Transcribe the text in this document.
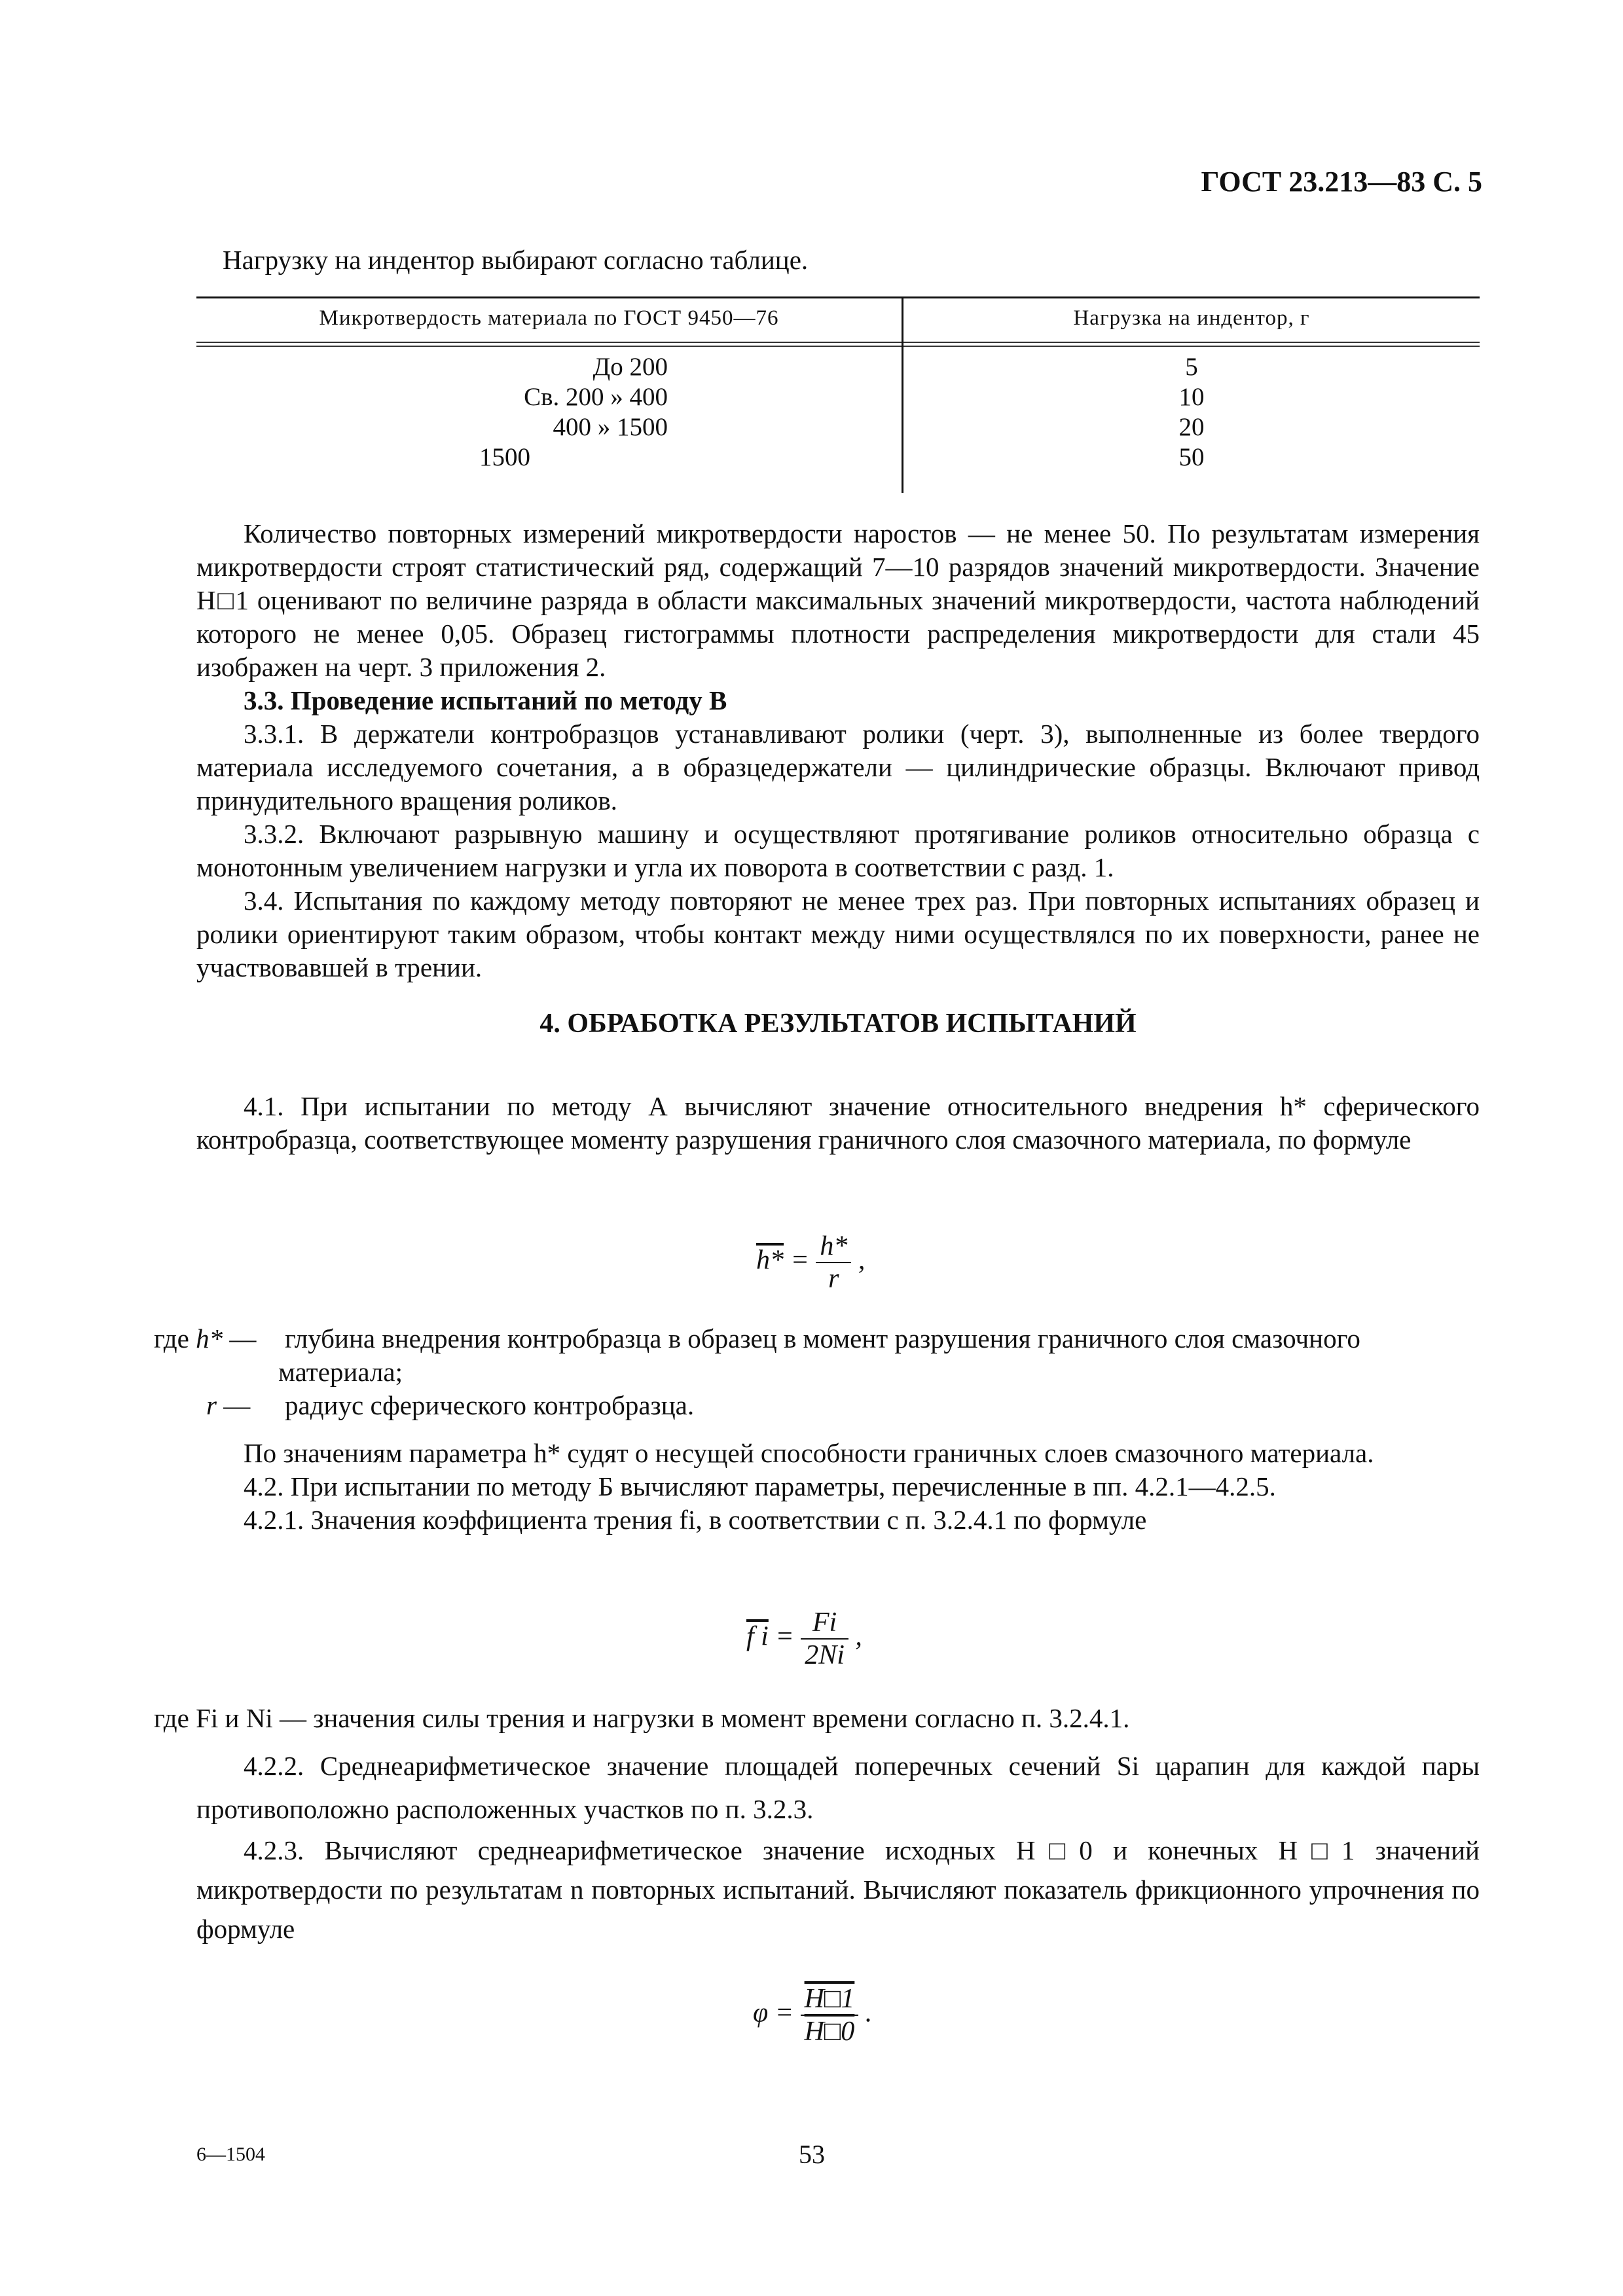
ГОСТ 23.213—83 С. 5
Нагрузку на индентор выбирают согласно таблице.
Микротвердость материала по ГОСТ 9450—76	Нагрузка на индентор, г
До 200	5
Св. 200 » 400	10
400 » 1500	20
1500	50

Количество повторных измерений микротвердости наростов — не менее 50. По результатам измерения микротвердости строят статистический ряд, содержащий 7—10 разрядов значений микротвердости. Значение H□1 оценивают по величине разряда в области максимальных значений микротвердости, частота наблюдений которого не менее 0,05. Образец гистограммы плотности распределения микротвердости для стали 45 изображен на черт. 3 приложения 2.

3.3. Проведение испытаний по методу В

3.3.1. В держатели контробразцов устанавливают ролики (черт. 3), выполненные из более твердого материала исследуемого сочетания, а в образцедержатели — цилиндрические образцы. Включают привод принудительного вращения роликов.

3.3.2. Включают разрывную машину и осуществляют протягивание роликов относительно образца с монотонным увеличением нагрузки и угла их поворота в соответствии с разд. 1.

3.4. Испытания по каждому методу повторяют не менее трех раз. При повторных испытаниях образец и ролики ориентируют таким образом, чтобы контакт между ними осуществлялся по их поверхности, ранее не участвовавшей в трении.

4. ОБРАБОТКА РЕЗУЛЬТАТОВ ИСПЫТАНИЙ

4.1. При испытании по методу А вычисляют значение относительного внедрения h* сферического контробразца, соответствующее моменту разрушения граничного слоя смазочного материала, по формуле

$h* = \frac{h*}{r}$ ,
где h* — глубина внедрения контробразца в образец в момент разрушения граничного слоя смазочного материала;
r — радиус сферического контробразца.

По значениям параметра h* судят о несущей способности граничных слоев смазочного материала.

4.2. При испытании по методу Б вычисляют параметры, перечисленные в пп. 4.2.1—4.2.5.

4.2.1. Значения коэффициента трения fi, в соответствии с п. 3.2.4.1 по формуле

f $i = \frac{Fi}{2Ni}$ ,
где Fi и Ni — значения силы трения и нагрузки в момент времени согласно п. 3.2.4.1.

4.2.2. Среднеарифметическое значение площадей поперечных сечений Si царапин для каждой пары противоположно расположенных участков по п. 3.2.3.

4.2.3. Вычисляют среднеарифметическое значение исходных H□0 и конечных H□1 значений микротвердости по результатам n повторных испытаний. Вычисляют показатель фрикционного упрочнения по формуле

$\varphi = \frac{H□1}{H□0}$ .
6—1504	53
